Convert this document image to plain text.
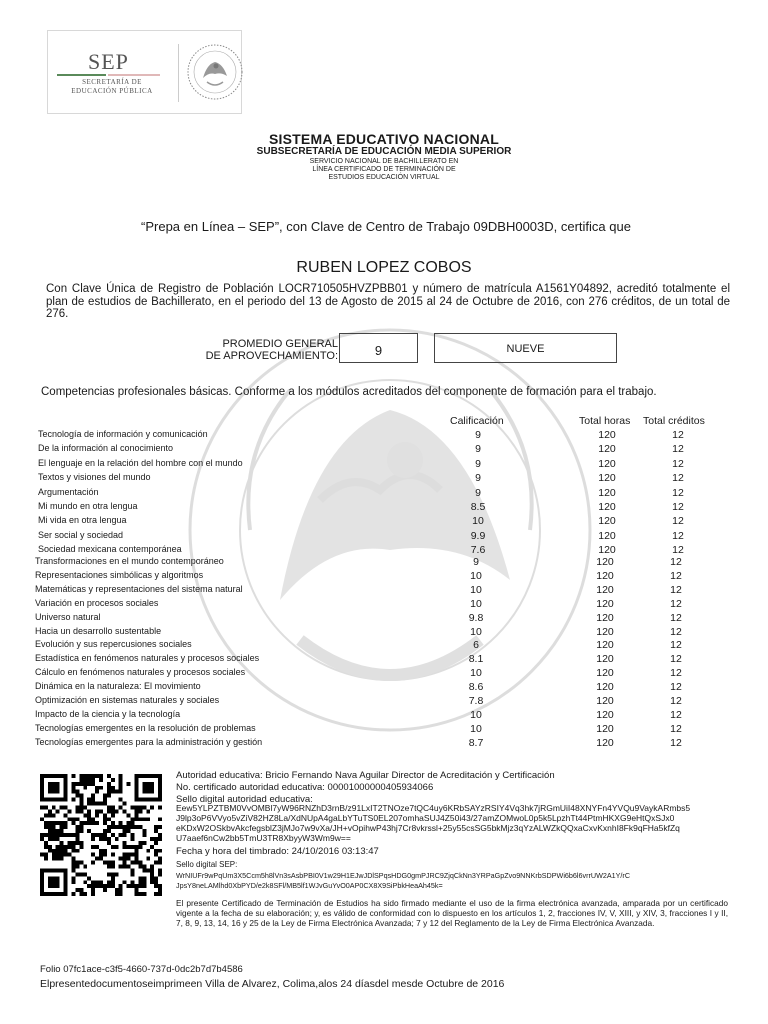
SEP
SECRETARÍA DE
EDUCACIÓN PÚBLICA
SISTEMA EDUCATIVO NACIONAL
SUBSECRETARÍA DE EDUCACIÓN MEDIA SUPERIOR
SERVICIO NACIONAL DE BACHILLERATO EN
LÍNEA CERTIFICADO DE TERMINACIÓN DE
ESTUDIOS EDUCACIÓN VIRTUAL
“Prepa en Línea – SEP”, con Clave de Centro de Trabajo 09DBH0003D, certifica que
RUBEN LOPEZ COBOS
Con Clave Única de Registro de Población LOCR710505HVZPBB01 y número de matrícula A1561Y04892, acreditó totalmente el plan de estudios de Bachillerato, en el periodo del 13 de Agosto de 2015 al 24 de Octubre de 2016, con 276 créditos, de un total de 276.
PROMEDIO GENERAL
DE APROVECHAMIENTO:	9	NUEVE
Competencias profesionales básicas. Conforme a los módulos acreditados del componente de formación para el trabajo.
Calificación	Total horas Total créditos
Tecnología de información y comunicación	9	120	12
De la información al conocimiento	9	120	12
El lenguaje en la relación del hombre con el mundo	9	120	12
Textos y visiones del mundo	9	120	12
Argumentación	9	120	12
Mi mundo en otra lengua	8.5	120	12
Mi vida en otra lengua	10	120	12
Ser social y sociedad	9.9	120	12
Sociedad mexicana contemporánea	7.6	120	12
Transformaciones en el mundo contemporáneo	9	120	12
Representaciones simbólicas y algoritmos	10	120	12
Matemáticas y representaciones del sistema natural	10	120	12
Variación en procesos sociales	10	120	12
Universo natural	9.8	120	12
Hacia un desarrollo sustentable	10	120	12
Evolución y sus repercusiones sociales	6	120	12
Estadística en fenómenos naturales y procesos sociales	8.1	120	12
Cálculo en fenómenos naturales y procesos sociales	10	120	12
Dinámica en la naturaleza: El movimiento	8.6	120	12
Optimización en sistemas naturales y sociales	7.8	120	12
Impacto de la ciencia y la tecnología	10	120	12
Tecnologías emergentes en la resolución de problemas	10	120	12
Tecnologías emergentes para la administración y gestión	8.7	120	12
Autoridad educativa: Bricio Fernando Nava Aguilar Director de Acreditación y Certificación
No. certificado autoridad educativa: 00001000000405934066
Sello digital autoridad educativa:
Eew5YLPZTBM0VvOMBl7yW96RNZhD3rnB/z91LxIT2TNOze7tQC4uy6KRbSAYzRSIY4Vq3hk7jRGmUiI48XNYFn4YVQu9VaykARmbs5
J9lp3oP6VVyo5vZiV82HZ8La/XdNUpA4gaLbYTuTS0EL207omhaSUJ4Z50i43/27amZOMwoL0p5k5LpzhTt44PtmHKXG9eHtQxSJx0
eKDxW2OSkbvAkcfegsblZ3jMJo7w9vXa/JH+vOpihwP43hj7Cr8vkrssl+25y55csSG5bkMjz3qYzALWZkQQxaCxvKxnhI8Fk9qFHa5kfZq
U7aaef6nCw2bb5TmU3TR8XbyyW3Wm9w==
Fecha y hora del timbrado: 24/10/2016 03:13:47
Sello digital SEP:
WrNIUFr9wPqUm3X5Ccm5h8lVn3sAsbPBI0V1w29H1EJwJDlSPqsHDG0gmPJRC9ZjqCkNn3YRPaGpZvo9NNKrbSDPWi6b6l6vrrUW2A1Y/rC
JpsY8neLAMlhd0XbPYD/e2k8SFl/MB5lf1WJvGuYvO0AP0CX8X9SiPbkHeaAh45k=
El presente Certificado de Terminación de Estudios ha sido firmado mediante el uso de la firma electrónica avanzada, amparada por un certificado vigente a la fecha de su elaboración; y, es válido de conformidad con lo dispuesto en los artículos 1, 2, fracciones IV, V, XIII, y XIV, 3, fracciones I y II, 7, 8, 9, 13, 14, 16 y 25 de la Ley de Firma Electrónica Avanzada; 7 y 12 del Reglamento de la Ley de Firma Electrónica Avanzada.
Folio 07fc1ace-c3f5-4660-737d-0dc2b7d7b4586
Elpresentedocumentoseimprimeen Villa de Alvarez, Colima,alos 24 díasdel mesde Octubre de 2016
